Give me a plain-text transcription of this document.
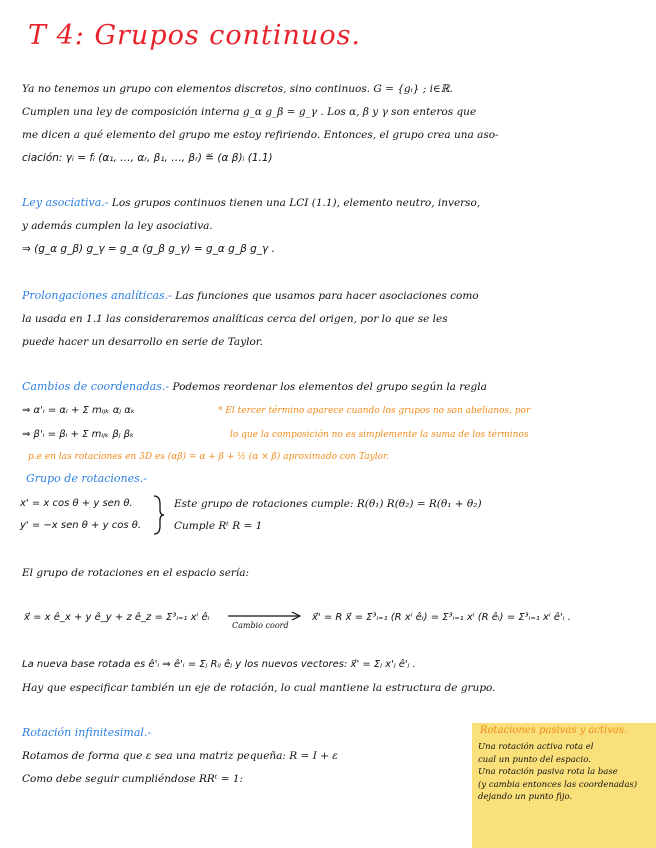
T 4: Grupos continuos.
Ya no tenemos un grupo con elementos discretos, sino continuos. G = {gᵢ} ; i∈ℝ.
Cumplen una ley de composición interna g_α g_β = g_γ . Los α, β y γ son enteros que
me dicen a qué elemento del grupo me estoy refiriendo. Entonces, el grupo crea una aso-
ciación: γᵢ = fᵢ (α₁, …, αᵣ, β₁, …, βᵣ) ≝ (α β)ᵢ (1.1)
Ley asociativa.- Los grupos continuos tienen una LCI (1.1), elemento neutro, inverso,
y además cumplen la ley asociativa.
⇒ (g_α g_β) g_γ = g_α (g_β g_γ) = g_α g_β g_γ .
Prolongaciones analíticas.- Las funciones que usamos para hacer asociaciones como
la usada en 1.1 las consideraremos analíticas cerca del origen, por lo que se les
puede hacer un desarrollo en serie de Taylor.
Cambios de coordenadas.- Podemos reordenar los elementos del grupo según la regla
⇒ α'ᵢ = αᵢ + Σ mᵢⱼₖ αⱼ αₖ
⇒ β'ᵢ = βᵢ + Σ mᵢⱼₖ βⱼ βₖ
* El tercer término aparece cuando los grupos no son abelianos, por
lo que la composición no es simplemente la suma de los términos
p.e en las rotaciones en 3D es (αβ) = α + β + ½ (α × β) aproximado con Taylor.
Grupo de rotaciones.-
x' = x cos θ + y sen θ.
y' = −x sen θ + y cos θ.
Este grupo de rotaciones cumple: R(θ₁) R(θ₂) = R(θ₁ + θ₂)
Cumple Rᵗ R = 1
El grupo de rotaciones en el espacio sería:
x⃗ = x ê_x + y ê_y + z ê_z = Σ³ᵢ₌₁ xⁱ êᵢ
Cambio coord
x⃗' = R x⃗ = Σ³ᵢ₌₁ (R xⁱ êᵢ) = Σ³ᵢ₌₁ xⁱ (R êᵢ) = Σ³ᵢ₌₁ xⁱ ê'ᵢ .
La nueva base rotada es ê'ᵢ ⇒ ê'ᵢ = Σⱼ Rᵢⱼ êⱼ y los nuevos vectores: x⃗' = Σⱼ x'ⱼ ê'ⱼ .
Hay que especificar también un eje de rotación, lo cual mantiene la estructura de grupo.
Rotación infinitesimal.-
Rotamos de forma que ε sea una matriz pequeña: R = I + ε
Como debe seguir cumpliéndose RRᵗ = 1:
Rotaciones pasivas y activas.
Una rotación activa rota el
cual un punto del espacio.
Una rotación pasiva rota la base
(y cambia entonces las coordenadas)
dejando un punto fijo.
